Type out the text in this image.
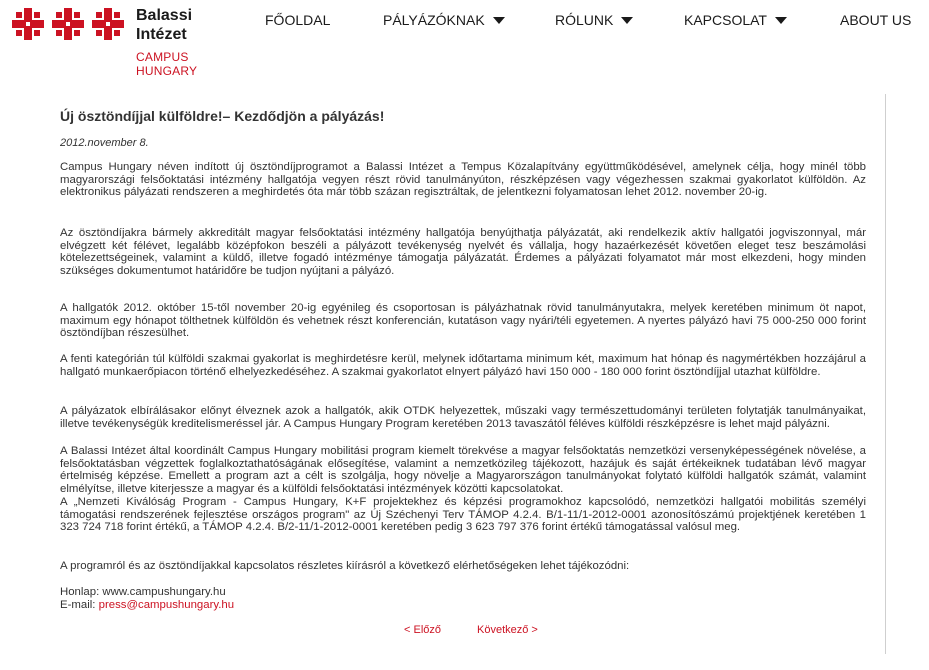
Balassi
Intézet
CAMPUS HUNGARY
FŐOLDAL	PÁLYÁZÓKNAK	RÓLUNK	KAPCSOLAT	ABOUT US
Új ösztöndíjjal külföldre!– Kezdődjön a pályázás!
2012.november 8.
Campus Hungary néven indított új ösztöndíjprogramot a Balassi Intézet a Tempus Közalapítvány együttműködésével, amelynek célja, hogy minél több magyarországi felsőoktatási intézmény hallgatója vegyen részt rövid tanulmányúton, részképzésen vagy végezhessen szakmai gyakorlatot külföldön. Az elektronikus pályázati rendszeren a meghirdetés óta már több százan regisztráltak, de jelentkezni folyamatosan lehet 2012. november 20-ig.
Az ösztöndíjakra bármely akkreditált magyar felsőoktatási intézmény hallgatója benyújthatja pályázatát, aki rendelkezik aktív hallgatói jogviszonnyal, már elvégzett két félévet, legalább középfokon beszéli a pályázott tevékenység nyelvét és vállalja, hogy hazaérkezését követően eleget tesz beszámolási kötelezettségeinek, valamint a küldő, illetve fogadó intézménye támogatja pályázatát. Érdemes a pályázati folyamatot már most elkezdeni, hogy minden szükséges dokumentumot határidőre be tudjon nyújtani a pályázó.
A hallgatók 2012. október 15-től november 20-ig egyénileg és csoportosan is pályázhatnak rövid tanulmányutakra, melyek keretében minimum öt napot, maximum egy hónapot tölthetnek külföldön és vehetnek részt konferencián, kutatáson vagy nyári/téli egyetemen. A nyertes pályázó havi 75 000-250 000 forint ösztöndíjban részesülhet.
A fenti kategórián túl külföldi szakmai gyakorlat is meghirdetésre kerül, melynek időtartama minimum két, maximum hat hónap és nagymértékben hozzájárul a hallgató munkaerőpiacon történő elhelyezkedéséhez. A szakmai gyakorlatot elnyert pályázó havi 150 000 - 180 000 forint ösztöndíjjal utazhat külföldre.
A pályázatok elbírálásakor előnyt élveznek azok a hallgatók, akik OTDK helyezettek, műszaki vagy természettudományi területen folytatják tanulmányaikat, illetve tevékenységük kreditelismeréssel jár. A Campus Hungary Program keretében 2013 tavaszától féléves külföldi részképzésre is lehet majd pályázni.
A Balassi Intézet által koordinált Campus Hungary mobilitási program kiemelt törekvése a magyar felsőoktatás nemzetközi versenyképességének növelése, a felsőoktatásban végzettek foglalkoztathatóságának elősegítése, valamint a nemzetközileg tájékozott, hazájuk és saját értékeiknek tudatában lévő magyar értelmiség képzése. Emellett a program azt a célt is szolgálja, hogy növelje a Magyarországon tanulmányokat folytató külföldi hallgatók számát, valamint elmélyítse, illetve kiterjessze a magyar és a külföldi felsőoktatási intézmények közötti kapcsolatokat.
A „Nemzeti Kiválóság Program - Campus Hungary, K+F projektekhez és képzési programokhoz kapcsolódó, nemzetközi hallgatói mobilitás személyi támogatási rendszerének fejlesztése országos program" az Új Széchenyi Terv TÁMOP 4.2.4. B/1-11/1-2012-0001 azonosítószámú projektjének keretében 1 323 724 718 forint értékű, a TÁMOP 4.2.4. B/2-11/1-2012-0001 keretében pedig 3 623 797 376 forint értékű támogatással valósul meg.
A programról és az ösztöndíjakkal kapcsolatos részletes kiírásról a következő elérhetőségeken lehet tájékozódni:
Honlap: www.campushungary.hu
E-mail: press@campushungary.hu
< Előző	Következő >
